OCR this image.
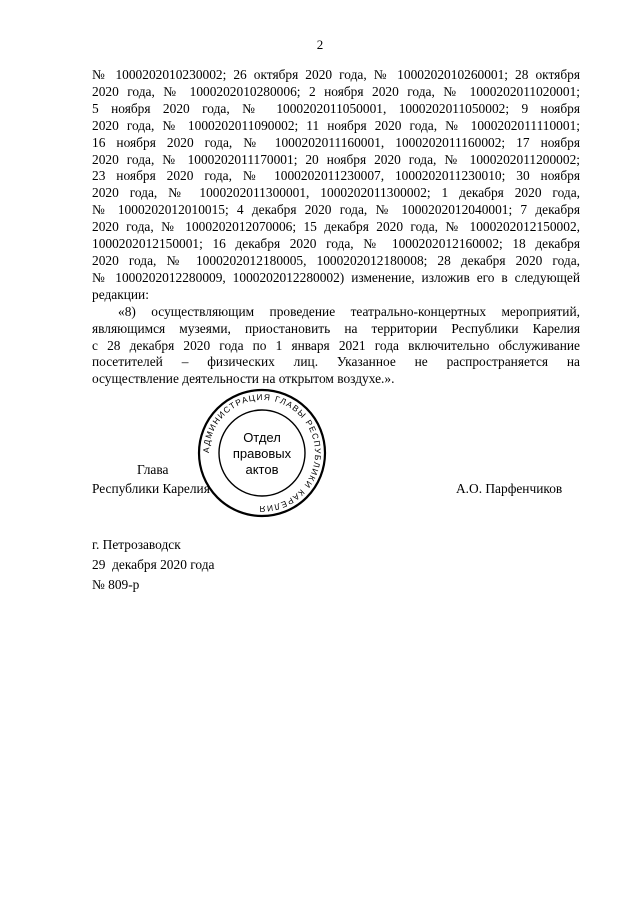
2

№ 1000202010230002; 26 октября 2020 года, № 1000202010260001; 28 октября

2020 года, № 1000202010280006; 2 ноября 2020 года, № 1000202011020001;

5 ноября 2020 года, № 1000202011050001, 1000202011050002; 9 ноября

2020 года, № 1000202011090002; 11 ноября 2020 года, № 1000202011110001;

16 ноября 2020 года, № 1000202011160001, 1000202011160002; 17 ноября

2020 года, № 1000202011170001; 20 ноября 2020 года, № 1000202011200002;

23 ноября 2020 года, № 1000202011230007, 1000202011230010; 30 ноября

2020 года, № 1000202011300001, 1000202011300002; 1 декабря 2020 года,

№ 1000202012010015; 4 декабря 2020 года, № 1000202012040001; 7 декабря

2020 года, № 1000202012070006; 15 декабря 2020 года, № 1000202012150002,

1000202012150001; 16 декабря 2020 года, № 1000202012160002; 18 декабря

2020 года, № 1000202012180005, 1000202012180008; 28 декабря 2020 года,

№ 1000202012280009, 1000202012280002) изменение, изложив его в следующей

редакции:

«8) осуществляющим проведение театрально-концертных мероприятий,

являющимся музеями, приостановить на территории Республики Карелия

с 28 декабря 2020 года по 1 января 2021 года включительно обслуживание

посетителей – физических лиц. Указанное не распространяется на

осуществление деятельности на открытом воздухе.».

Глава
Республики Карелия	А.О. Парфенчиков
АДМИНИСТРАЦИЯ ГЛАВЫ РЕСПУБЛИКИ КАРЕЛИЯ
Отдел
правовых
актов
г. Петрозаводск
29  декабря 2020 года
№ 809-р
